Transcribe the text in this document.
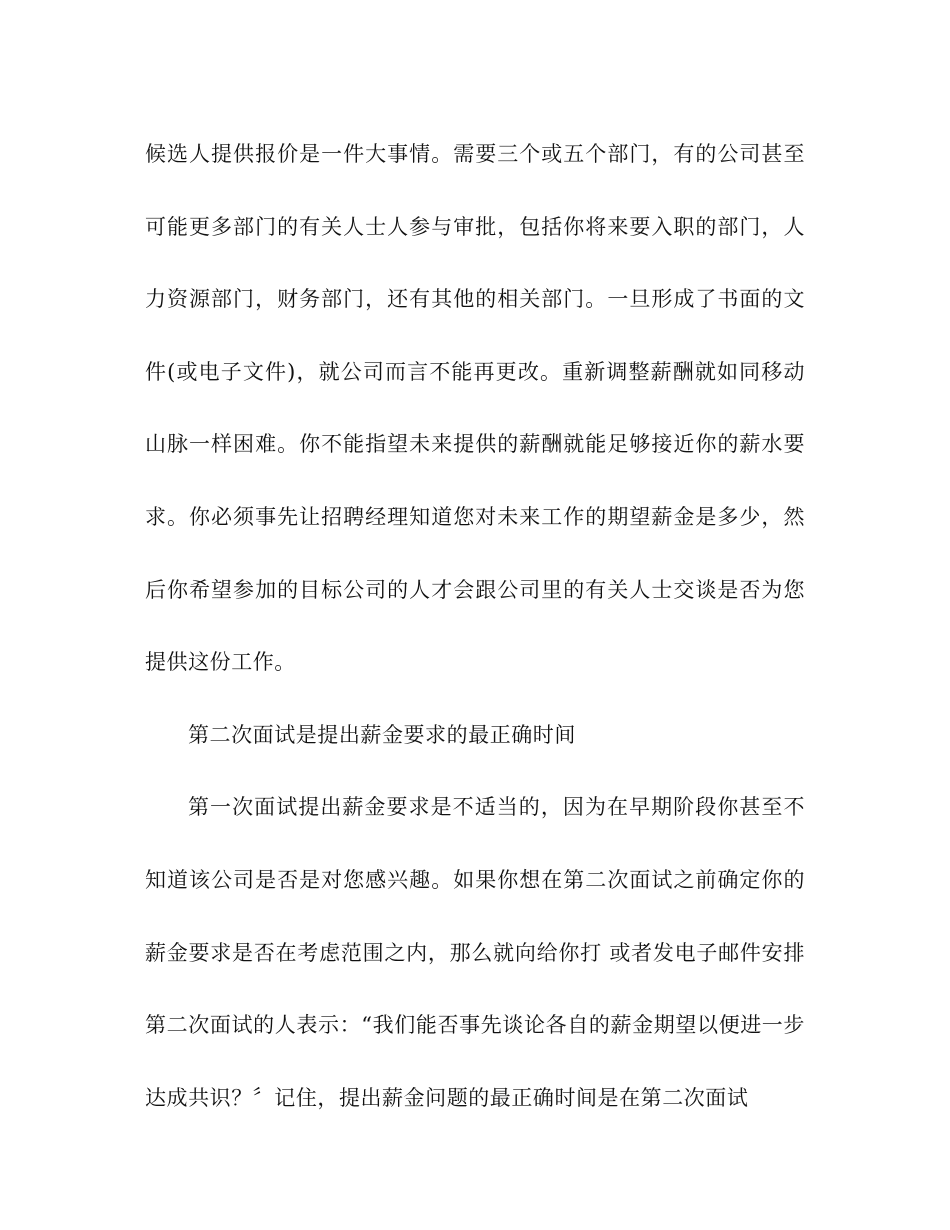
候选人提供报价是一件大事情。需要三个或五个部门，有的公司甚至可能更多部门的有关人士人参与审批，包括你将来要入职的部门，人力资源部门，财务部门，还有其他的相关部门。一旦形成了书面的文件(或电子文件)，就公司而言不能再更改。重新调整薪酬就如同移动山脉一样困难。你不能指望未来提供的薪酬就能足够接近你的薪水要求。你必须事先让招聘经理知道您对未来工作的期望薪金是多少，然后你希望参加的目标公司的人才会跟公司里的有关人士交谈是否为您提供这份工作。

第二次面试是提出薪金要求的最正确时间

第一次面试提出薪金要求是不适当的，因为在早期阶段你甚至不知道该公司是否是对您感兴趣。如果你想在第二次面试之前确定你的薪金要求是否在考虑范围之内，那么就向给你打 或者发电子邮件安排第二次面试的人表示：“我们能否事先谈论各自的薪金期望以便进一步达成共识？〞记住，提出薪金问题的最正确时间是在第二次面试
